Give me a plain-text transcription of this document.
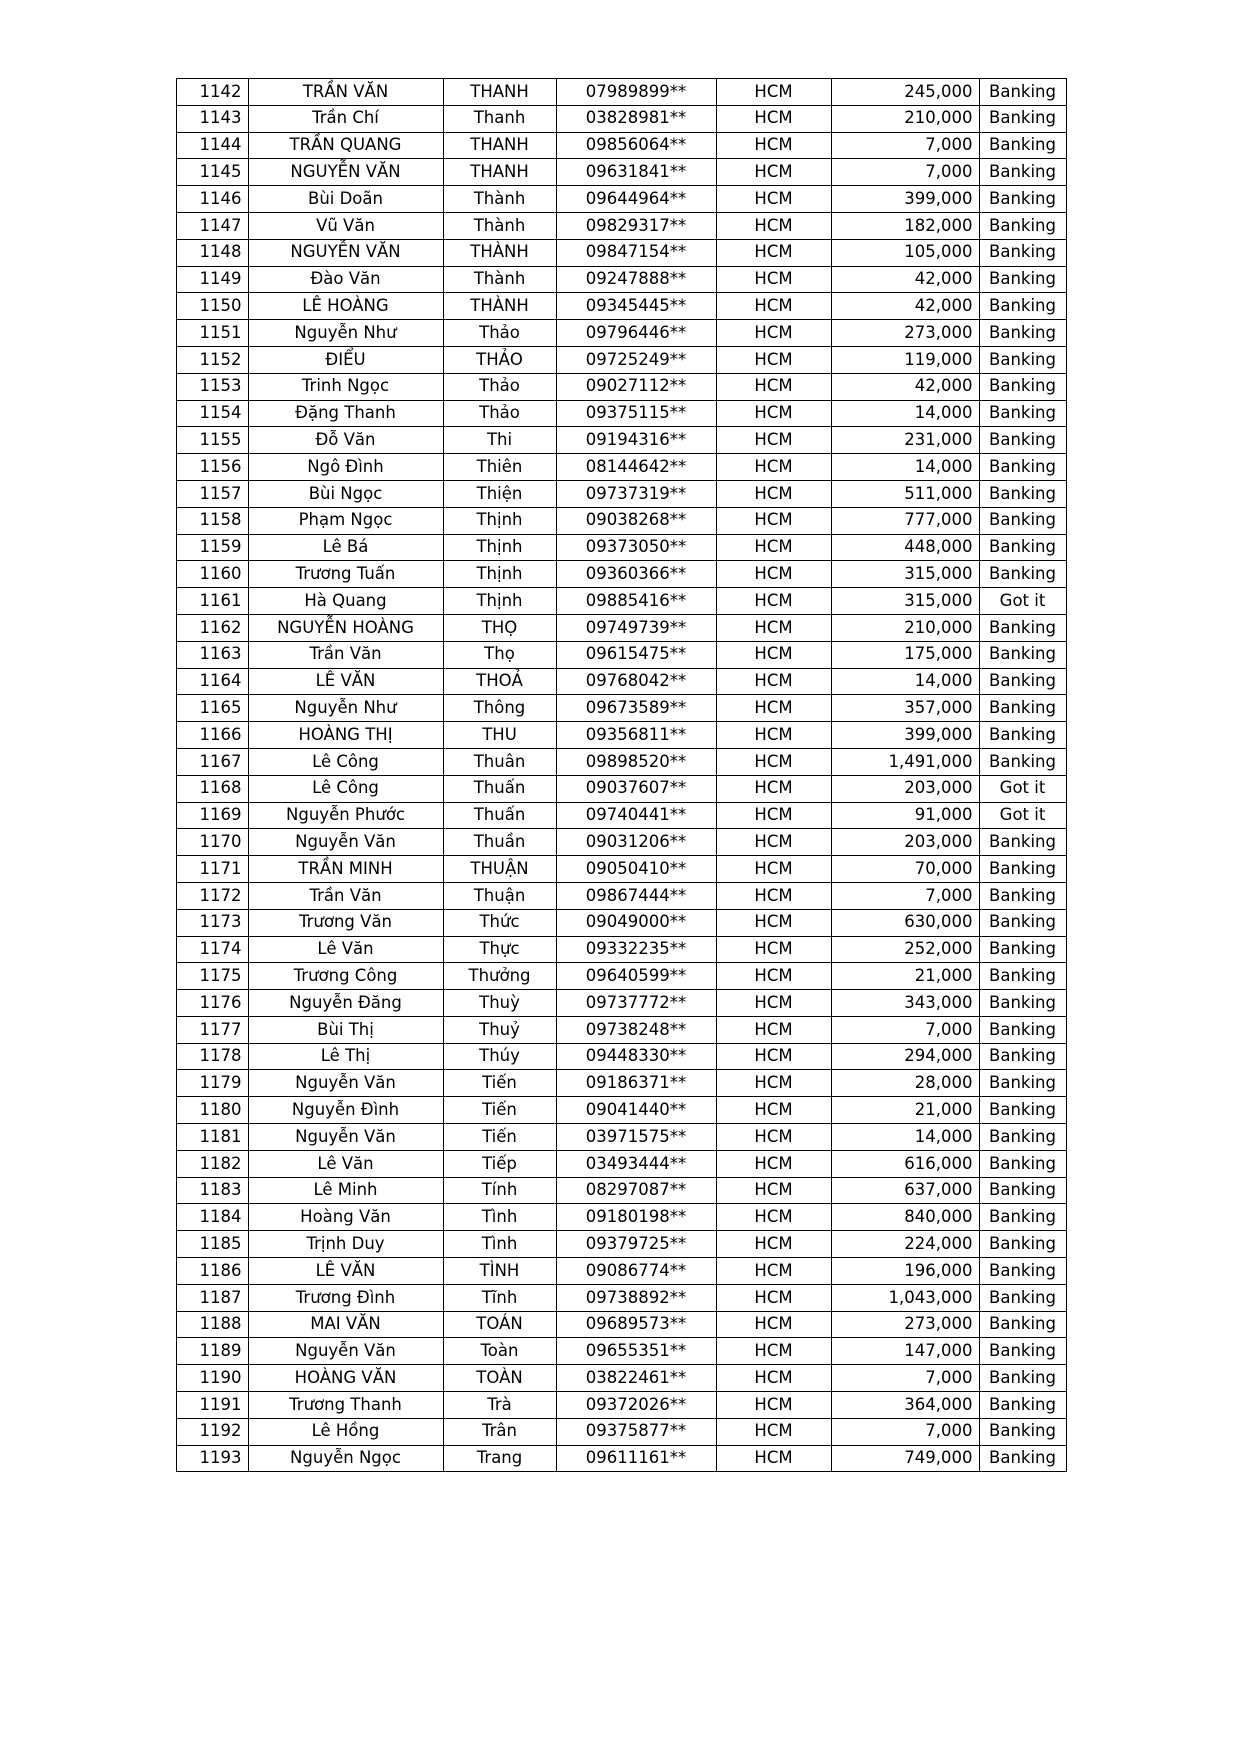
1142	TRẦN VĂN	THANH	07989899**	HCM	245,000	Banking
1143	Trần Chí	Thanh	03828981**	HCM	210,000	Banking
1144	TRẦN QUANG	THANH	09856064**	HCM	7,000	Banking
1145	NGUYỄN VĂN	THANH	09631841**	HCM	7,000	Banking
1146	Bùi Doãn	Thành	09644964**	HCM	399,000	Banking
1147	Vũ Văn	Thành	09829317**	HCM	182,000	Banking
1148	NGUYỄN VĂN	THÀNH	09847154**	HCM	105,000	Banking
1149	Đào Văn	Thành	09247888**	HCM	42,000	Banking
1150	LÊ HOÀNG	THÀNH	09345445**	HCM	42,000	Banking
1151	Nguyễn Như	Thảo	09796446**	HCM	273,000	Banking
1152	ĐIỂU	THẢO	09725249**	HCM	119,000	Banking
1153	Trinh Ngọc	Thảo	09027112**	HCM	42,000	Banking
1154	Đặng Thanh	Thảo	09375115**	HCM	14,000	Banking
1155	Đỗ Văn	Thi	09194316**	HCM	231,000	Banking
1156	Ngô Đình	Thiên	08144642**	HCM	14,000	Banking
1157	Bùi Ngọc	Thiện	09737319**	HCM	511,000	Banking
1158	Phạm Ngọc	Thịnh	09038268**	HCM	777,000	Banking
1159	Lê Bá	Thịnh	09373050**	HCM	448,000	Banking
1160	Trương Tuấn	Thịnh	09360366**	HCM	315,000	Banking
1161	Hà Quang	Thịnh	09885416**	HCM	315,000	Got it
1162	NGUYỄN HOÀNG	THỌ	09749739**	HCM	210,000	Banking
1163	Trần Văn	Thọ	09615475**	HCM	175,000	Banking
1164	LÊ VĂN	THOẢ	09768042**	HCM	14,000	Banking
1165	Nguyễn Như	Thông	09673589**	HCM	357,000	Banking
1166	HOÀNG THỊ	THU	09356811**	HCM	399,000	Banking
1167	Lê Công	Thuân	09898520**	HCM	1,491,000	Banking
1168	Lê Công	Thuấn	09037607**	HCM	203,000	Got it
1169	Nguyễn Phước	Thuấn	09740441**	HCM	91,000	Got it
1170	Nguyễn Văn	Thuần	09031206**	HCM	203,000	Banking
1171	TRẦN MINH	THUẬN	09050410**	HCM	70,000	Banking
1172	Trần Văn	Thuận	09867444**	HCM	7,000	Banking
1173	Trương Văn	Thức	09049000**	HCM	630,000	Banking
1174	Lê Văn	Thực	09332235**	HCM	252,000	Banking
1175	Trương Công	Thưởng	09640599**	HCM	21,000	Banking
1176	Nguyễn Đăng	Thuỳ	09737772**	HCM	343,000	Banking
1177	Bùi Thị	Thuỷ	09738248**	HCM	7,000	Banking
1178	Lê Thị	Thúy	09448330**	HCM	294,000	Banking
1179	Nguyễn Văn	Tiến	09186371**	HCM	28,000	Banking
1180	Nguyễn Đình	Tiến	09041440**	HCM	21,000	Banking
1181	Nguyễn Văn	Tiến	03971575**	HCM	14,000	Banking
1182	Lê Văn	Tiếp	03493444**	HCM	616,000	Banking
1183	Lê Minh	Tính	08297087**	HCM	637,000	Banking
1184	Hoàng Văn	Tình	09180198**	HCM	840,000	Banking
1185	Trịnh Duy	Tình	09379725**	HCM	224,000	Banking
1186	LÊ VĂN	TÌNH	09086774**	HCM	196,000	Banking
1187	Trương Đình	Tĩnh	09738892**	HCM	1,043,000	Banking
1188	MAI VĂN	TOÁN	09689573**	HCM	273,000	Banking
1189	Nguyễn Văn	Toàn	09655351**	HCM	147,000	Banking
1190	HOÀNG VĂN	TOÀN	03822461**	HCM	7,000	Banking
1191	Trương Thanh	Trà	09372026**	HCM	364,000	Banking
1192	Lê Hồng	Trân	09375877**	HCM	7,000	Banking
1193	Nguyễn Ngọc	Trang	09611161**	HCM	749,000	Banking
